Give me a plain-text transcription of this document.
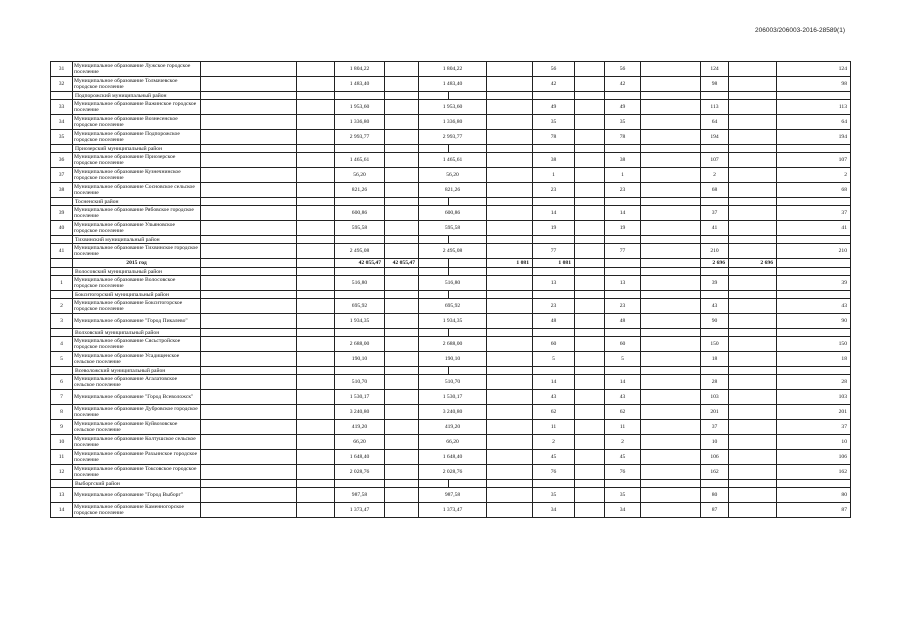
206003/206003-2016-28589(1)
31	Муниципальное образование Лужское городское поселение			1 804,22		1 804,22			56		56		124		124
32	Муниципальное образование Толмачевское городское поселение			1 483,40		1 483,40			42		42		98		98
	Подпорожский муниципальный район														
33	Муниципальное образование Важинское городское поселение			1 953,60		1 953,60			49		49		113		113
34	Муниципальное образование Вознесенское городское поселение			1 336,80		1 336,80			35		35		64		64
35	Муниципальное образование Подпорожское городское поселение			2 993,77		2 993,77			78		78		194		194
	Приозерский муниципальный район														
36	Муниципальное образование Приозерское городское поселение			1 465,61		1 465,61			38		38		107		107
37	Муниципальное образование Кузнечнинское городское поселение			56,20		56,20			1		1		2		2
38	Муниципальное образование Сосновское сельское поселение			821,26		821,26			23		23		68		68
	Тосненский район														
39	Муниципальное образование Рябовское городское поселение			600,86		600,86			14		14		37		37
40	Муниципальное образование Ульяновское городское поселение			595,58		595,58			19		19		41		41
	Тихвинский муниципальный район														
41	Муниципальное образование Тихвинское городское поселение			2 495,08		2 495,08			77		77		210		210
	2015 год			42 055,47	42 055,47			1 081	1 081				2 696	2 696	
	Волосовский муниципальный район														
1	Муниципальное образование Волосовское городское поселение			516,80		516,80			13		13		39		39
	Бокситогорский муниципальный район														
2	Муниципальное образование Бокситогорское городское поселение			695,92		695,92			23		23		43		43
3	Муниципальное образование "Город Пикалево"			1 934,35		1 934,35			48		48		90		90
	Волховский муниципальный район														
4	Муниципальное образование Сясьстройское городское поселение			2 688,00		2 688,00			60		60		150		150
5	Муниципальное образование Усадищенское сельское поселение			190,10		190,10			5		5		18		18
	Всеволожский муниципальный район														
6	Муниципальное образование Агалатовское сельское поселение			510,70		510,70			14		14		28		28
7	Муниципальное образование "Город Всеволожск"			1 530,17		1 530,17			43		43		103		103
8	Муниципальное образование Дубровское городское поселение			3 240,80		3 240,80			62		62		201		201
9	Муниципальное образование Куйвозовское сельское поселение			419,20		419,20			11		11		37		37
10	Муниципальное образование Колтушское сельское поселение			66,20		66,20			2		2		10		10
11	Муниципальное образование Рахьинское городское поселение			1 648,40		1 648,40			45		45		106		106
12	Муниципальное образование Токсовское городское поселение			2 028,76		2 028,76			76		76		162		162
	Выборгский район														
13	Муниципальное образование "Город Выборг"			987,58		987,58			35		35		80		80
14	Муниципальное образование Каменногорское городское поселение			1 373,47		1 373,47			34		34		87		87
